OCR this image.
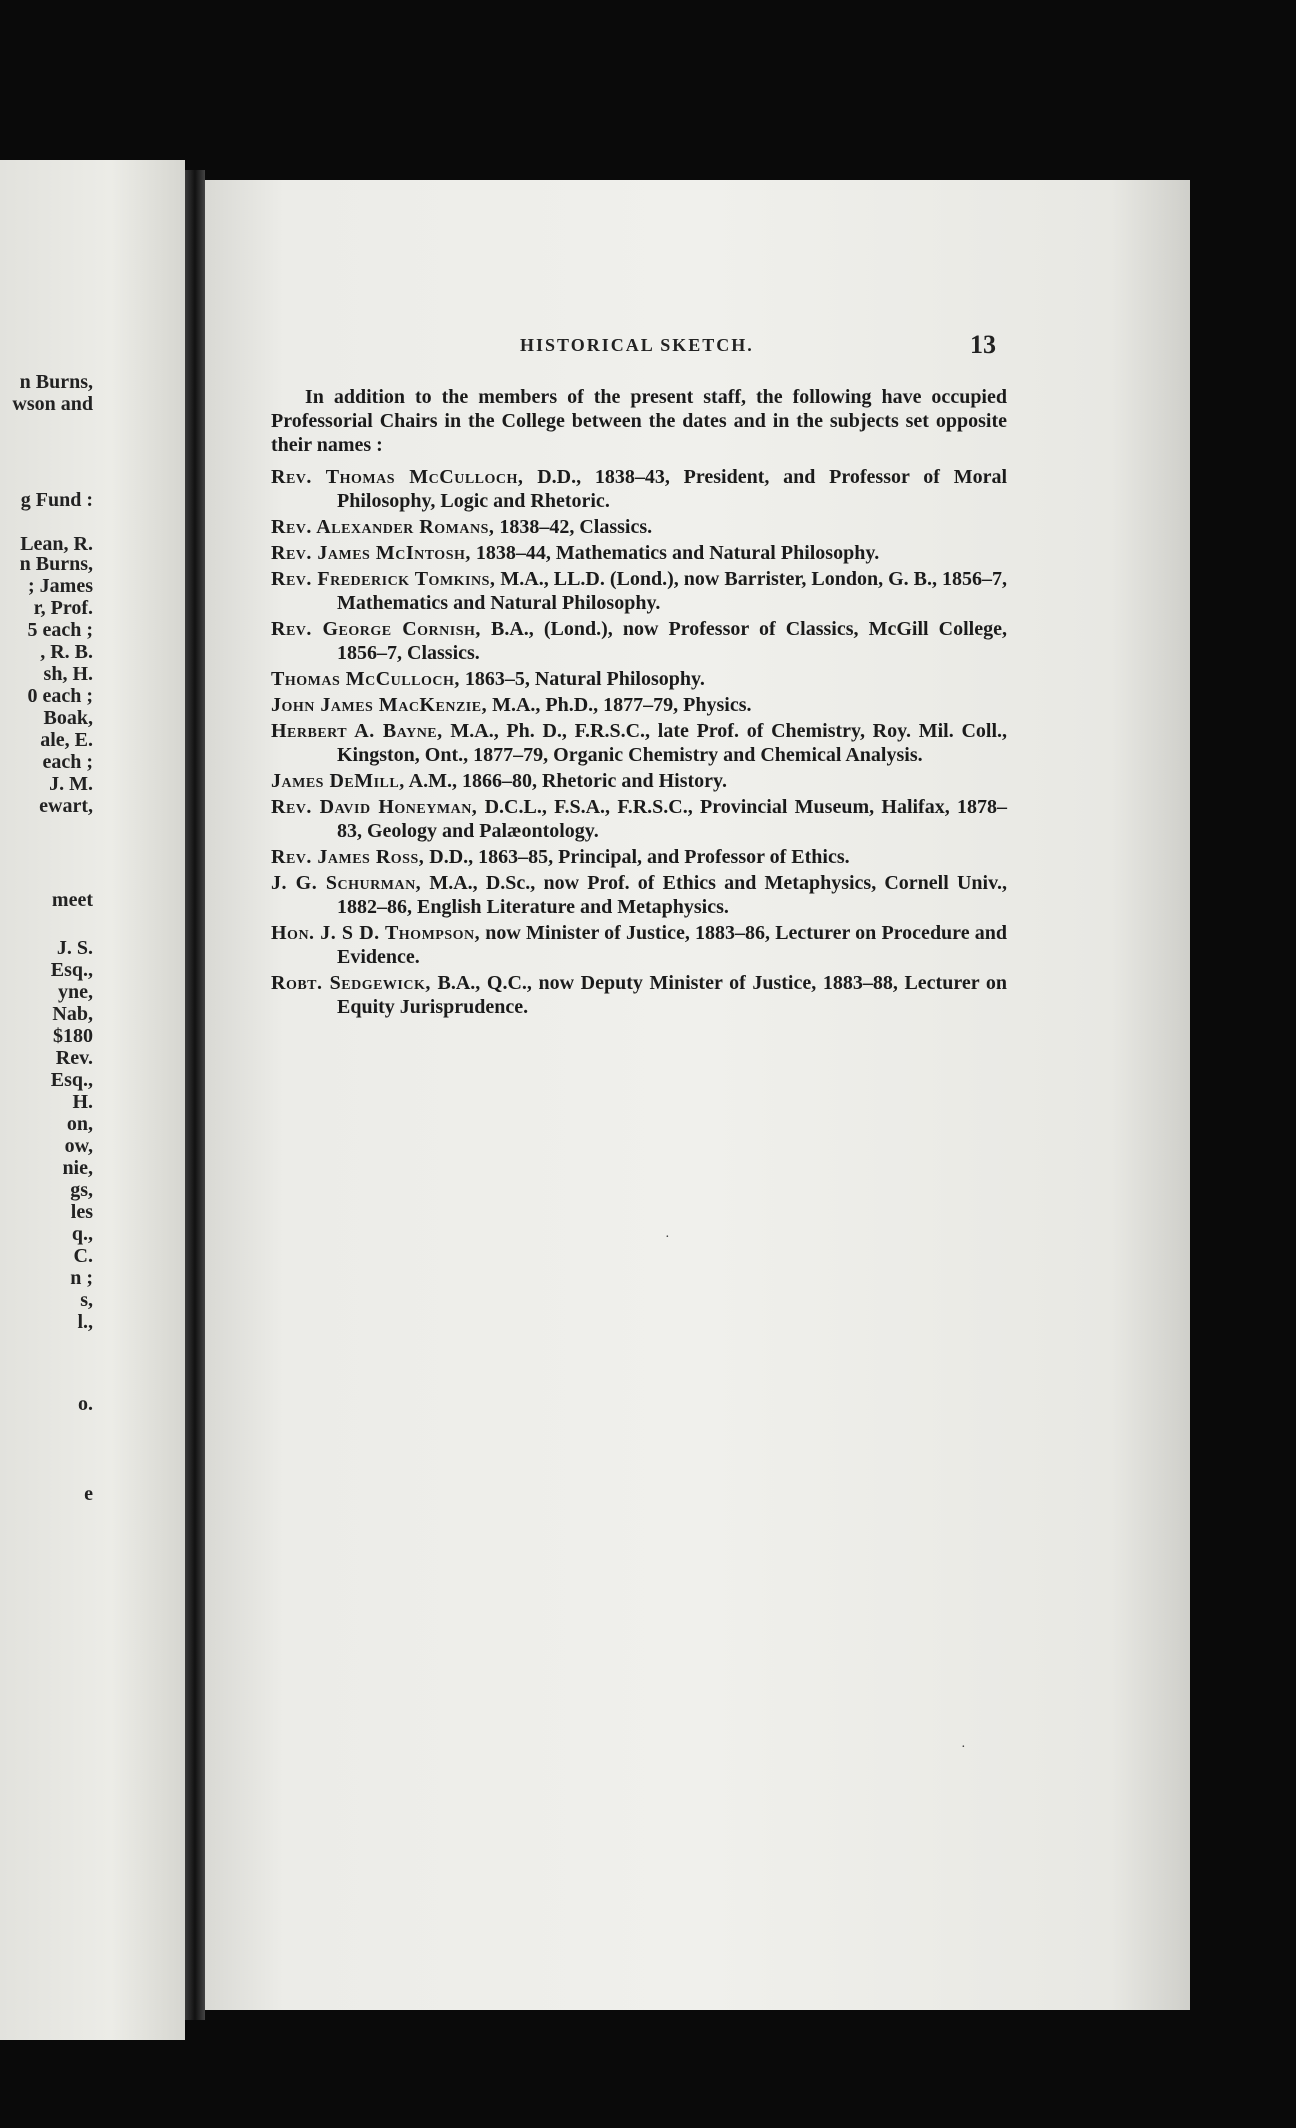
n Burns,
wson and
g Fund :
Lean, R.
n Burns,
; James
r, Prof.
5 each ;
, R. B.
sh, H.
0 each ;
Boak,
ale, E.
each ;
J. M.
ewart,
meet
J. S.
Esq.,
yne,
Nab,
$180
Rev.
Esq.,
H.
on,
ow,
nie,
gs,
les
q.,
C.
n ;
s,
l.,
o.
e
HISTORICAL SKETCH.	13

In addition to the members of the present staff, the following have occupied Professorial Chairs in the College between the dates and in the subjects set opposite their names :

Rev. Thomas McCulloch, D.D., 1838–43, President, and Professor of Moral Philosophy, Logic and Rhetoric.
Rev. Alexander Romans, 1838–42, Classics.
Rev. James McIntosh, 1838–44, Mathematics and Natural Philosophy.
Rev. Frederick Tomkins, M.A., LL.D. (Lond.), now Barrister, London, G. B., 1856–7, Mathematics and Natural Philosophy.
Rev. George Cornish, B.A., (Lond.), now Professor of Classics, McGill College, 1856–7, Classics.
Thomas McCulloch, 1863–5, Natural Philosophy.
John James MacKenzie, M.A., Ph.D., 1877–79, Physics.
Herbert A. Bayne, M.A., Ph. D., F.R.S.C., late Prof. of Chemistry, Roy. Mil. Coll., Kingston, Ont., 1877–79, Organic Chemistry and Chemical Analysis.
James DeMill, A.M., 1866–80, Rhetoric and History.
Rev. David Honeyman, D.C.L., F.S.A., F.R.S.C., Provincial Museum, Halifax, 1878–83, Geology and Palæontology.
Rev. James Ross, D.D., 1863–85, Principal, and Professor of Ethics.
J. G. Schurman, M.A., D.Sc., now Prof. of Ethics and Metaphysics, Cornell Univ., 1882–86, English Literature and Metaphysics.
Hon. J. S D. Thompson, now Minister of Justice, 1883–86, Lecturer on Procedure and Evidence.
Robt. Sedgewick, B.A., Q.C., now Deputy Minister of Justice, 1883–88, Lecturer on Equity Jurisprudence.
·
·
